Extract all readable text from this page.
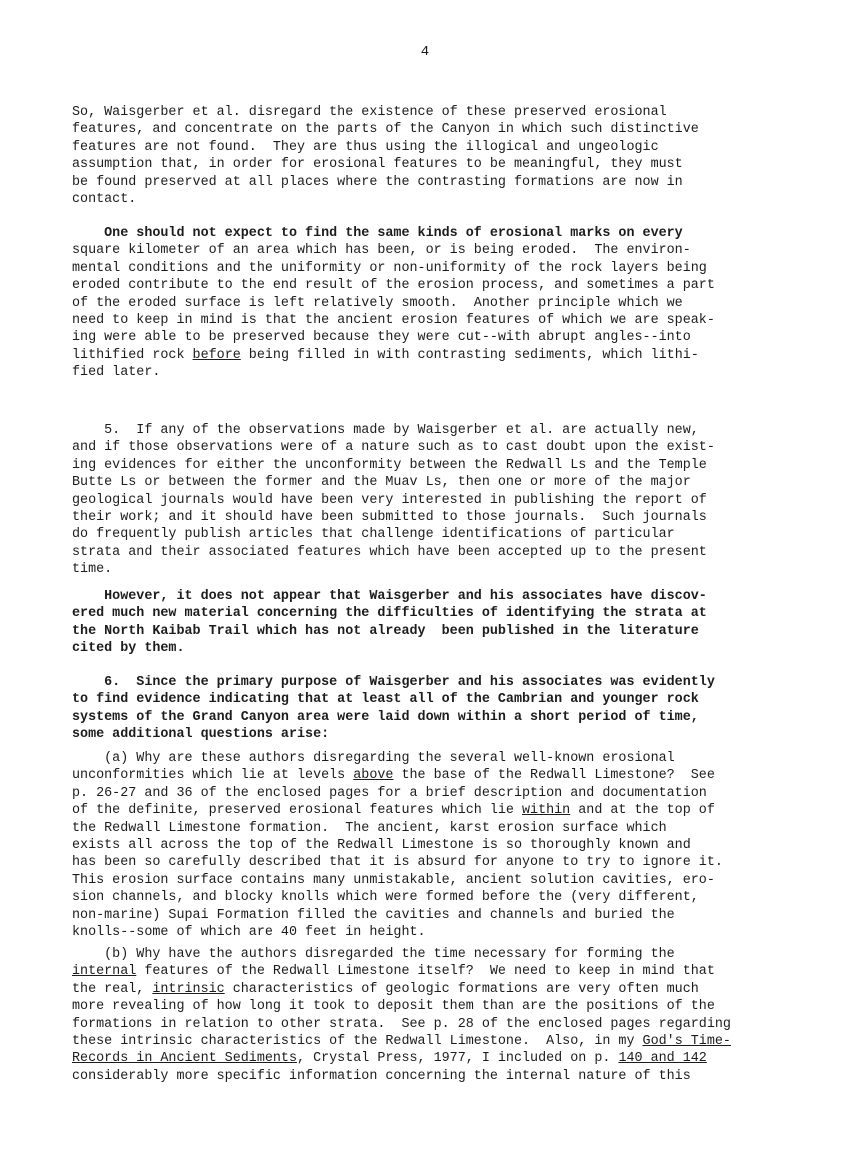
4
So, Waisgerber et al. disregard the existence of these preserved erosional
features, and concentrate on the parts of the Canyon in which such distinctive
features are not found.  They are thus using the illogical and ungeologic
assumption that, in order for erosional features to be meaningful, they must
be found preserved at all places where the contrasting formations are now in
contact.
One should not expect to find the same kinds of erosional marks on every
square kilometer of an area which has been, or is being eroded.  The environ-
mental conditions and the uniformity or non-uniformity of the rock layers being
eroded contribute to the end result of the erosion process, and sometimes a part
of the eroded surface is left relatively smooth.  Another principle which we
need to keep in mind is that the ancient erosion features of which we are speak-
ing were able to be preserved because they were cut--with abrupt angles--into
lithified rock before being filled in with contrasting sediments, which lithi-
fied later.
5.  If any of the observations made by Waisgerber et al. are actually new,
and if those observations were of a nature such as to cast doubt upon the exist-
ing evidences for either the unconformity between the Redwall Ls and the Temple
Butte Ls or between the former and the Muav Ls, then one or more of the major
geological journals would have been very interested in publishing the report of
their work; and it should have been submitted to those journals.  Such journals
do frequently publish articles that challenge identifications of particular
strata and their associated features which have been accepted up to the present
time.
However, it does not appear that Waisgerber and his associates have discov-
ered much new material concerning the difficulties of identifying the strata at
the North Kaibab Trail which has not already  been published in the literature
cited by them.
6.  Since the primary purpose of Waisgerber and his associates was evidently
to find evidence indicating that at least all of the Cambrian and younger rock
systems of the Grand Canyon area were laid down within a short period of time,
some additional questions arise:
(a) Why are these authors disregarding the several well-known erosional
unconformities which lie at levels above the base of the Redwall Limestone?  See
p. 26-27 and 36 of the enclosed pages for a brief description and documentation
of the definite, preserved erosional features which lie within and at the top of
the Redwall Limestone formation.  The ancient, karst erosion surface which
exists all across the top of the Redwall Limestone is so thoroughly known and
has been so carefully described that it is absurd for anyone to try to ignore it.
This erosion surface contains many unmistakable, ancient solution cavities, ero-
sion channels, and blocky knolls which were formed before the (very different,
non-marine) Supai Formation filled the cavities and channels and buried the
knolls--some of which are 40 feet in height.
(b) Why have the authors disregarded the time necessary for forming the
internal features of the Redwall Limestone itself?  We need to keep in mind that
the real, intrinsic characteristics of geologic formations are very often much
more revealing of how long it took to deposit them than are the positions of the
formations in relation to other strata.  See p. 28 of the enclosed pages regarding
these intrinsic characteristics of the Redwall Limestone.  Also, in my God's Time-
Records in Ancient Sediments, Crystal Press, 1977, I included on p. 140 and 142
considerably more specific information concerning the internal nature of this
